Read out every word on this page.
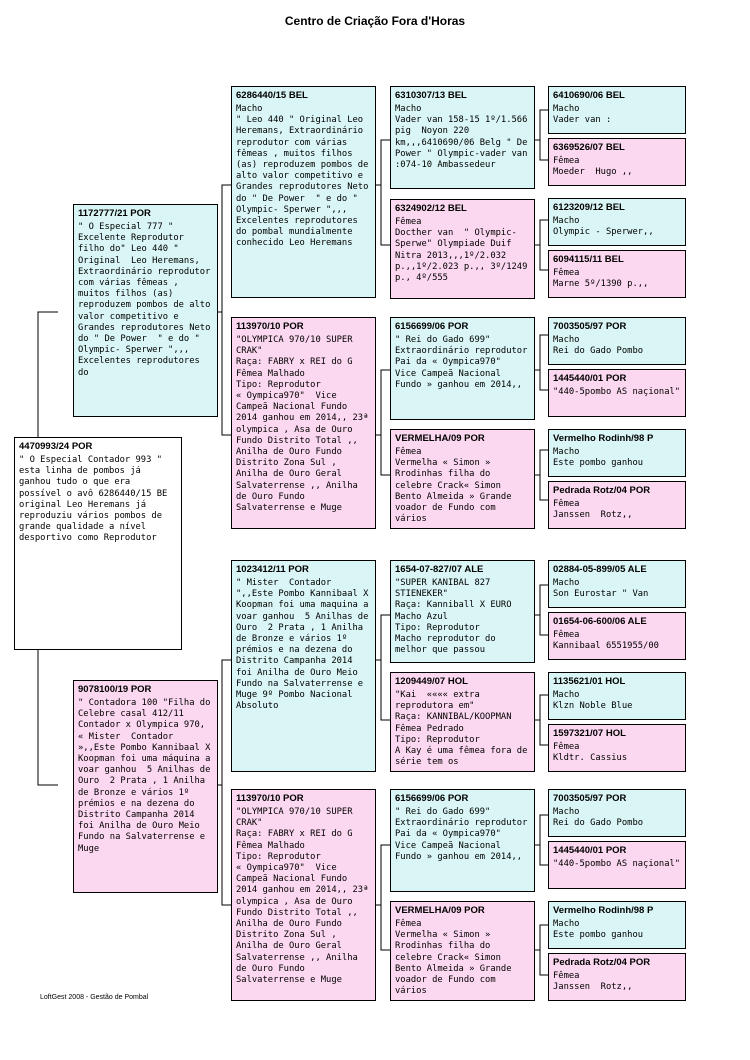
Centro de Criação Fora d'Horas
4470993/24 POR
" O Especial Contador 993 " esta linha de pombos já ganhou tudo o que era possível o avô 6286440/15 BE original Leo Heremans já reproduziu vários pombos de grande qualidade a nível desportivo como Reprodutor
1172777/21 POR
" O Especial 777 " Excelente Reprodutor filho do" Leo 440 " Original  Leo Heremans, Extraordinário reprodutor com várias fêmeas , muitos filhos (as) reproduzem pombos de alto valor competitivo e Grandes reprodutores Neto do " De Power  " e do " Olympic- Sperwer ",,, Excelentes reprodutores do
9078100/19 POR
" Contadora 100 "Filha do Celebre casal 412/11 Contador x Olympica 970, « Mister  Contador »,,Este Pombo Kannibaal X Koopman foi uma máquina a voar ganhou  5 Anilhas de Ouro  2 Prata , 1 Anilha de Bronze e vários 1º prémios e na dezena do Distrito Campanha 2014 foi Anilha de Ouro Meio Fundo na Salvaterrense e Muge
6286440/15 BEL
Macho
" Leo 440 " Original Leo Heremans, Extraordinário reprodutor com várias fêmeas , muitos filhos (as) reproduzem pombos de alto valor competitivo e Grandes reprodutores Neto do " De Power  " e do " Olympic- Sperwer ",,, Excelentes reprodutores do pombal mundialmente conhecido Leo Heremans
113970/10 POR
"OLYMPICA 970/10 SUPER CRAK"
Raça: FABRY x REI do G
Fêmea Malhado
Tipo: Reprodutor
« Oympica970"  Vice Campeã Nacional Fundo 2014 ganhou em 2014,, 23ª olympica , Asa de Ouro Fundo Distrito Total ,, Anilha de Ouro Fundo Distrito Zona Sul , Anilha de Ouro Geral Salvaterrense ,, Anilha de Ouro Fundo Salvaterrense e Muge
1023412/11 POR
" Mister  Contador ",,Este Pombo Kannibaal X Koopman foi uma maquina a voar ganhou  5 Anilhas de Ouro  2 Prata , 1 Anilha de Bronze e vários 1º prémios e na dezena do Distrito Campanha 2014 foi Anilha de Ouro Meio Fundo na Salvaterrense e Muge 9º Pombo Nacional Absoluto
113970/10 POR
"OLYMPICA 970/10 SUPER CRAK"
Raça: FABRY x REI do G
Fêmea Malhado
Tipo: Reprodutor
« Oympica970"  Vice Campeã Nacional Fundo 2014 ganhou em 2014,, 23ª olympica , Asa de Ouro Fundo Distrito Total ,, Anilha de Ouro Fundo Distrito Zona Sul , Anilha de Ouro Geral Salvaterrense ,, Anilha de Ouro Fundo Salvaterrense e Muge
6310307/13 BEL
Macho
Vader van 158-15 1º/1.566 pig  Noyon 220 km,,,6410690/06 Belg " De Power " Olympic-vader van :074-10 Ambassedeur
6324902/12 BEL
Fêmea
Docther van  " Olympic- Sperwe" Olympiade Duif Nitra 2013,,,1º/2.032 p.,,1º/2.023 p.,, 3º/1249 p., 4º/555
6156699/06 POR
" Rei do Gado 699" Extraordinário reprodutor Pai da « Oympica970"  Vice Campeã Nacional Fundo » ganhou em 2014,,
VERMELHA/09 POR
Fêmea
Vermelha « Simon » Rrodinhas filha do celebre Crack« Simon Bento Almeida » Grande voador de Fundo com  vários
1654-07-827/07 ALE
"SUPER KANIBAL 827 STIENEKER"
Raça: Kanniball X EURO
Macho Azul
Tipo: Reprodutor
Macho reprodutor do melhor que passou
1209449/07 HOL
"Kai  «««« extra reprodutora em"
Raça: KANNIBAL/KOOPMAN
Fêmea Pedrado
Tipo: Reprodutor
A Kay é uma fêmea fora de série tem os
6156699/06 POR
" Rei do Gado 699" Extraordinário reprodutor Pai da « Oympica970"  Vice Campeã Nacional Fundo » ganhou em 2014,,
VERMELHA/09 POR
Fêmea
Vermelha « Simon » Rrodinhas filha do celebre Crack« Simon Bento Almeida » Grande voador de Fundo com  vários
6410690/06 BEL
Macho
Vader van :
6369526/07 BEL
Fêmea
Moeder  Hugo ,,
6123209/12 BEL
Macho
Olympic - Sperwer,,
6094115/11 BEL
Fêmea
Marne 5º/1390 p.,,
7003505/97 POR
Macho
Rei do Gado Pombo
1445440/01 POR
"440-5pombo AS naçional"
Vermelho Rodinh/98 P
Macho
Este pombo ganhou
Pedrada Rotz/04 POR
Fêmea
Janssen  Rotz,,
02884-05-899/05 ALE
Macho
Son Eurostar " Van
01654-06-600/06 ALE
Fêmea
Kannibaal 6551955/00
1135621/01 HOL
Macho
Klzn Noble Blue
1597321/07 HOL
Fêmea
Kldtr. Cassius
7003505/97 POR
Macho
Rei do Gado Pombo
1445440/01 POR
"440-5pombo AS naçional"
Vermelho Rodinh/98 P
Macho
Este pombo ganhou
Pedrada Rotz/04 POR
Fêmea
Janssen  Rotz,,
LoftGest 2008 - Gestão de Pombal
